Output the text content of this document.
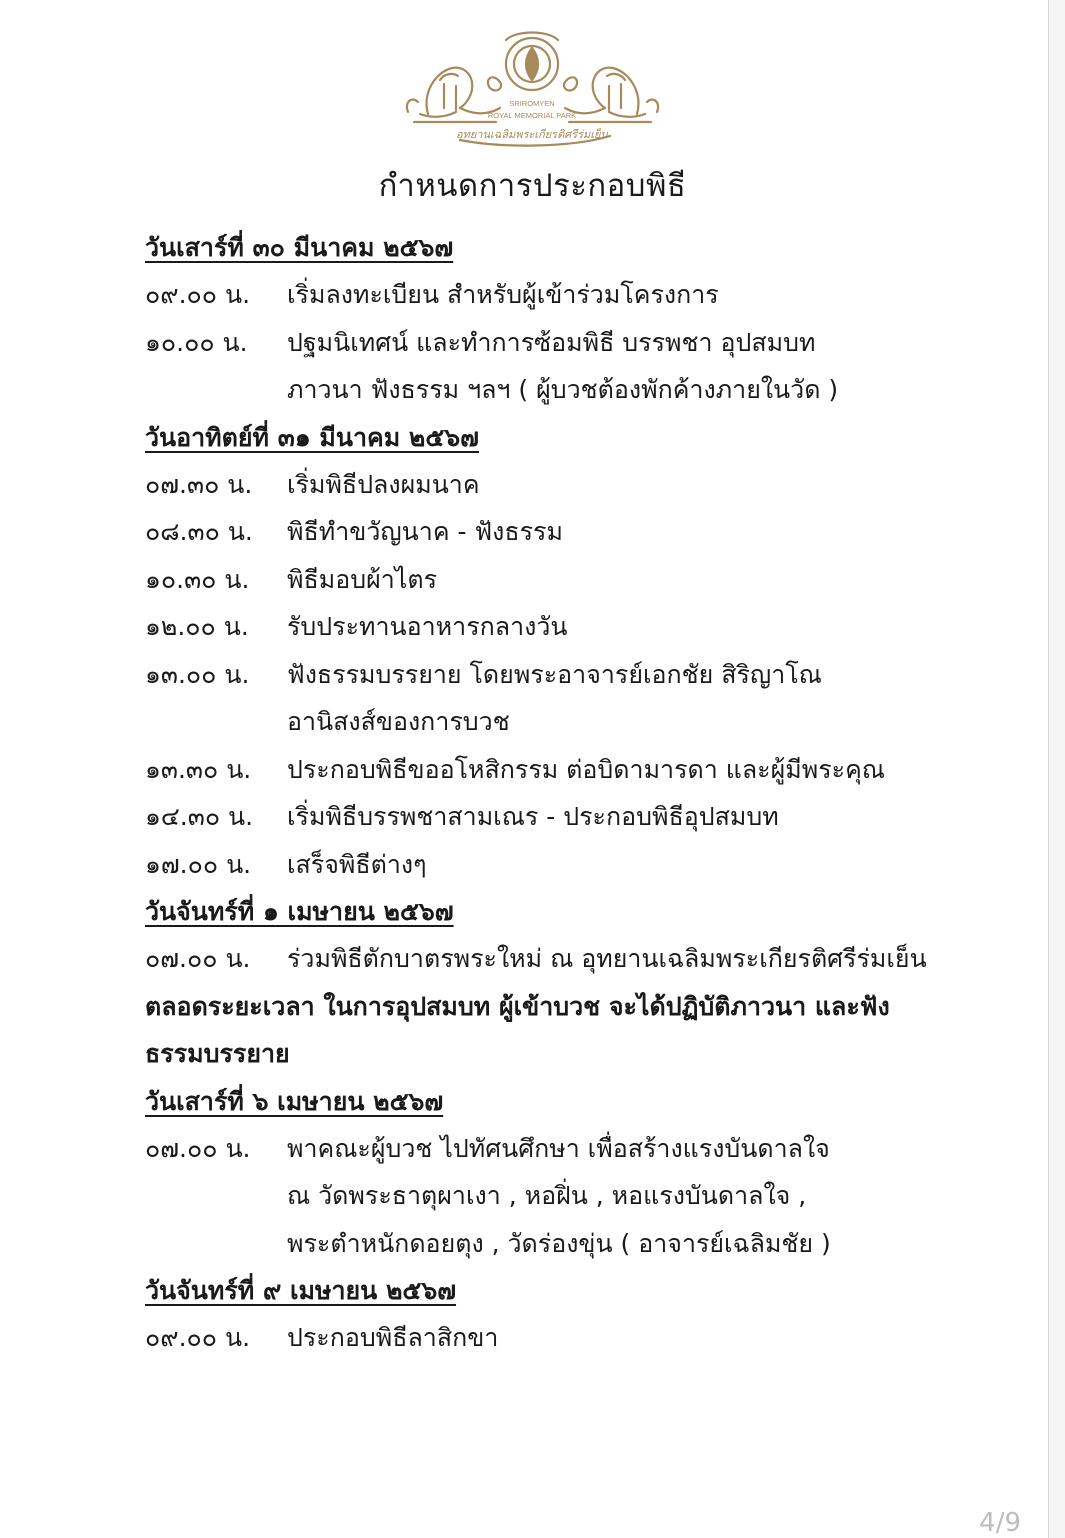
SRIROMYEN
ROYAL MEMORIAL PARK
อุทยานเฉลิมพระเกียรติศรีร่มเย็น
กำหนดการประกอบพิธี
วันเสาร์ที่ ๓๐ มีนาคม ๒๕๖๗
๐๙.๐๐ น.	เริ่มลงทะเบียน สำหรับผู้เข้าร่วมโครงการ
๑๐.๐๐ น.	ปฐมนิเทศน์ และทำการซ้อมพิธี บรรพชา อุปสมบท
ภาวนา ฟังธรรม ฯลฯ ( ผู้บวชต้องพักค้างภายในวัด )
วันอาทิตย์ที่ ๓๑ มีนาคม ๒๕๖๗
๐๗.๓๐ น.	เริ่มพิธีปลงผมนาค
๐๘.๓๐ น.	พิธีทำขวัญนาค - ฟังธรรม
๑๐.๓๐ น.	พิธีมอบผ้าไตร
๑๒.๐๐ น.	รับประทานอาหารกลางวัน
๑๓.๐๐ น.	ฟังธรรมบรรยาย โดยพระอาจารย์เอกชัย สิริญาโณ
อานิสงส์ของการบวช
๑๓.๓๐ น.	ประกอบพิธีขออโหสิกรรม ต่อบิดามารดา และผู้มีพระคุณ
๑๔.๓๐ น.	เริ่มพิธีบรรพชาสามเณร - ประกอบพิธีอุปสมบท
๑๗.๐๐ น.	เสร็จพิธีต่างๆ
วันจันทร์ที่ ๑ เมษายน ๒๕๖๗
๐๗.๐๐ น.	ร่วมพิธีตักบาตรพระใหม่ ณ อุทยานเฉลิมพระเกียรติศรีร่มเย็น
ตลอดระยะเวลา ในการอุปสมบท ผู้เข้าบวช จะได้ปฏิบัติภาวนา และฟัง
ธรรมบรรยาย
วันเสาร์ที่ ๖ เมษายน ๒๕๖๗
๐๗.๐๐ น.	พาคณะผู้บวช ไปทัศนศึกษา เพื่อสร้างแรงบันดาลใจ
ณ วัดพระธาตุผาเงา , หอฝิ่น , หอแรงบันดาลใจ ,
พระตำหนักดอยตุง , วัดร่องขุ่น ( อาจารย์เฉลิมชัย )
วันจันทร์ที่ ๙ เมษายน ๒๕๖๗
๐๙.๐๐ น.	ประกอบพิธีลาสิกขา
4/9
